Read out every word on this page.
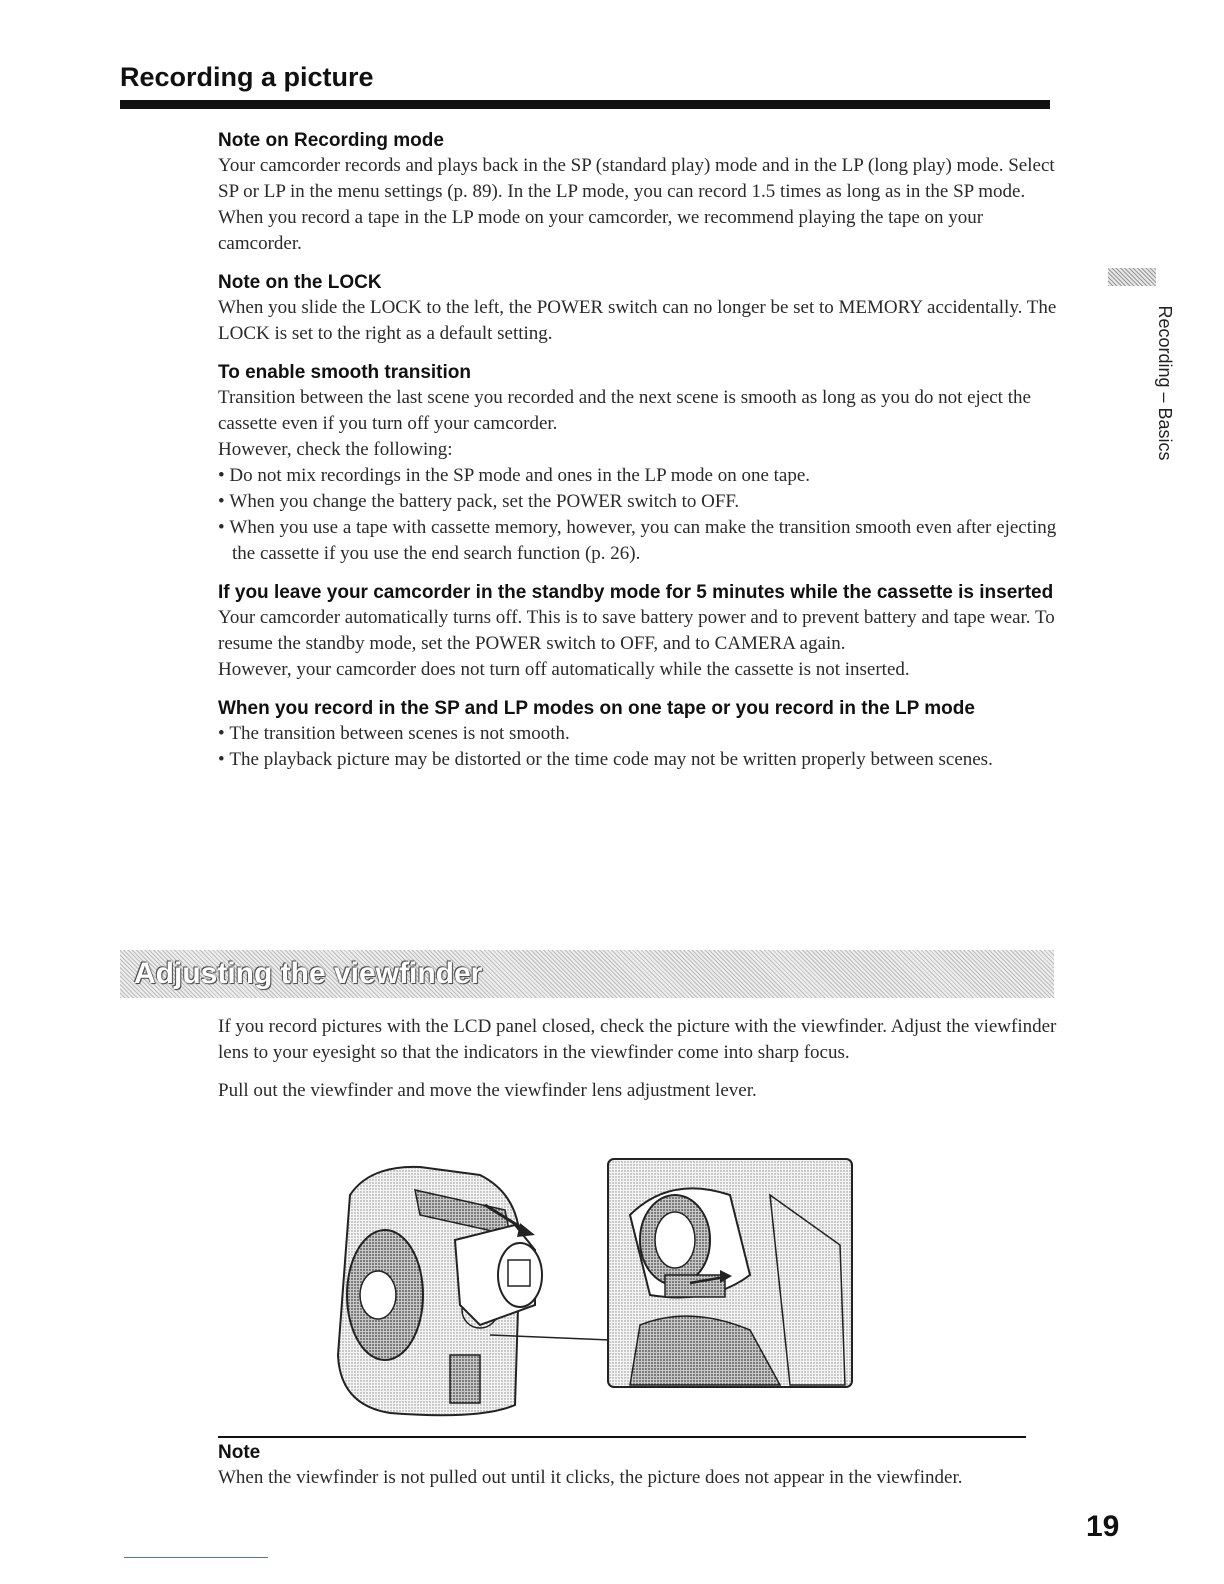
Recording a picture
Note on Recording mode

Your camcorder records and plays back in the SP (standard play) mode and in the LP (long play) mode. Select SP or LP in the menu settings (p. 89). In the LP mode, you can record 1.5 times as long as in the SP mode.

When you record a tape in the LP mode on your camcorder, we recommend playing the tape on your camcorder.

Note on the LOCK

When you slide the LOCK to the left, the POWER switch can no longer be set to MEMORY accidentally. The LOCK is set to the right as a default setting.

To enable smooth transition

Transition between the last scene you recorded and the next scene is smooth as long as you do not eject the cassette even if you turn off your camcorder.

However, check the following:

• Do not mix recordings in the SP mode and ones in the LP mode on one tape.
• When you change the battery pack, set the POWER switch to OFF.
• When you use a tape with cassette memory, however, you can make the transition smooth even after ejecting the cassette if you use the end search function (p. 26).
If you leave your camcorder in the standby mode for 5 minutes while the cassette is inserted

Your camcorder automatically turns off. This is to save battery power and to prevent battery and tape wear. To resume the standby mode, set the POWER switch to OFF, and to CAMERA again.

However, your camcorder does not turn off automatically while the cassette is not inserted.

When you record in the SP and LP modes on one tape or you record in the LP mode
• The transition between scenes is not smooth.
• The playback picture may be distorted or the time code may not be written properly between scenes.
Recording – Basics
Adjusting the viewfinder

If you record pictures with the LCD panel closed, check the picture with the viewfinder. Adjust the viewfinder lens to your eyesight so that the indicators in the viewfinder come into sharp focus.

Pull out the viewfinder and move the viewfinder lens adjustment lever.

Note

When the viewfinder is not pulled out until it clicks, the picture does not appear in the viewfinder.

19
